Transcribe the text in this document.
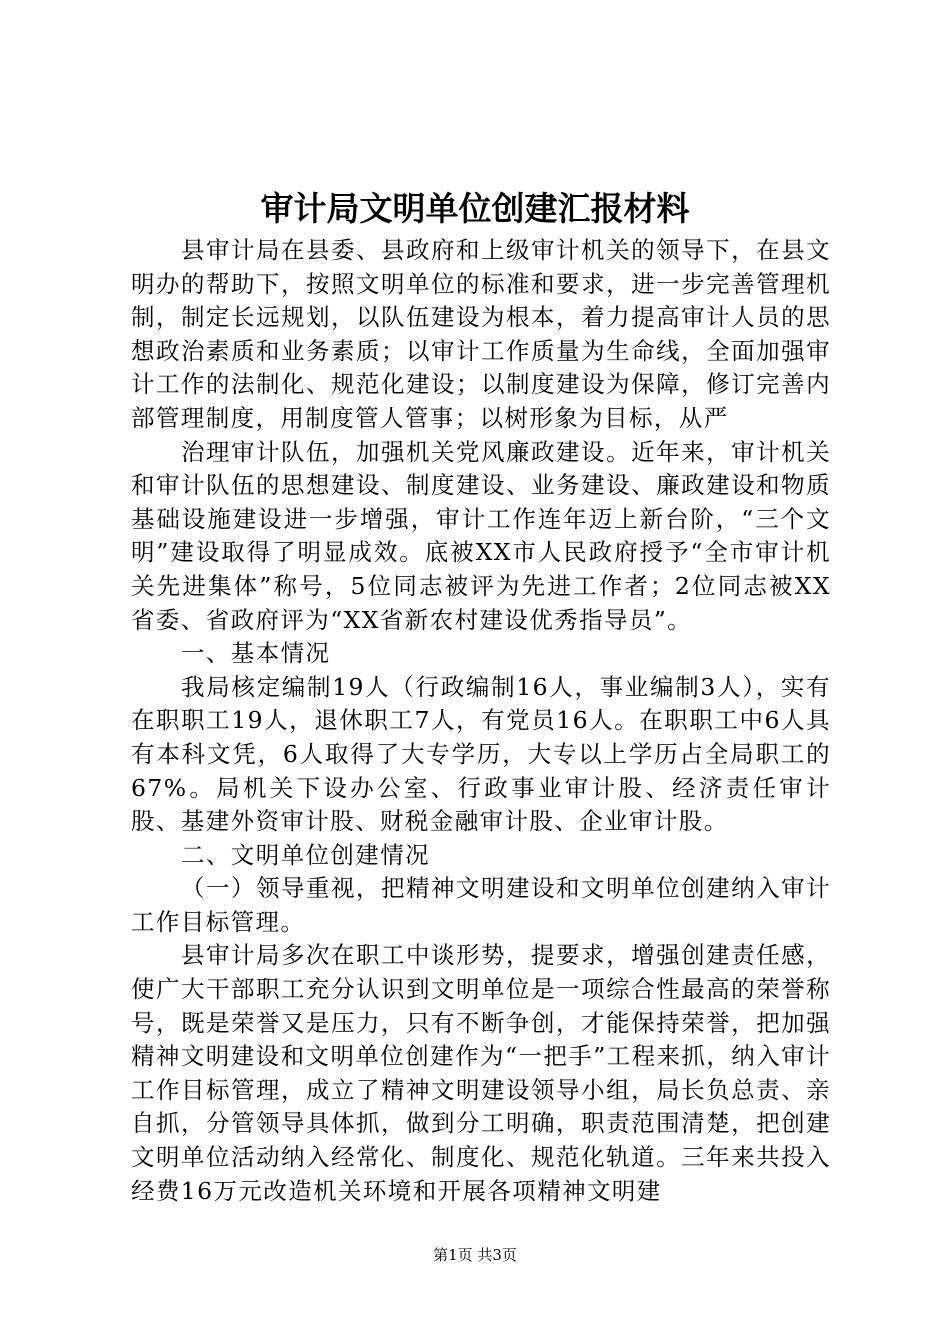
审计局文明单位创建汇报材料

县审计局在县委、县政府和上级审计机关的领导下，在县文明办的帮助下，按照文明单位的标准和要求，进一步完善管理机制，制定长远规划，以队伍建设为根本，着力提高审计人员的思想政治素质和业务素质；以审计工作质量为生命线，全面加强审计工作的法制化、规范化建设；以制度建设为保障，修订完善内部管理制度，用制度管人管事；以树形象为目标，从严

治理审计队伍，加强机关党风廉政建设。近年来，审计机关和审计队伍的思想建设、制度建设、业务建设、廉政建设和物质基础设施建设进一步增强，审计工作连年迈上新台阶，“三个文明”建设取得了明显成效。底被XX市人民政府授予“全市审计机关先进集体”称号，5位同志被评为先进工作者；2位同志被XX省委、省政府评为“XX省新农村建设优秀指导员”。

一、基本情况

我局核定编制19人（行政编制16人，事业编制3人），实有在职职工19人，退休职工7人，有党员16人。在职职工中6人具有本科文凭，6人取得了大专学历，大专以上学历占全局职工的67%。局机关下设办公室、行政事业审计股、经济责任审计股、基建外资审计股、财税金融审计股、企业审计股。

二、文明单位创建情况

（一）领导重视，把精神文明建设和文明单位创建纳入审计工作目标管理。

县审计局多次在职工中谈形势，提要求，增强创建责任感，使广大干部职工充分认识到文明单位是一项综合性最高的荣誉称号，既是荣誉又是压力，只有不断争创，才能保持荣誉，把加强精神文明建设和文明单位创建作为“一把手”工程来抓，纳入审计工作目标管理，成立了精神文明建设领导小组，局长负总责、亲自抓，分管领导具体抓，做到分工明确，职责范围清楚，把创建文明单位活动纳入经常化、制度化、规范化轨道。三年来共投入经费16万元改造机关环境和开展各项精神文明建

第1页 共3页
